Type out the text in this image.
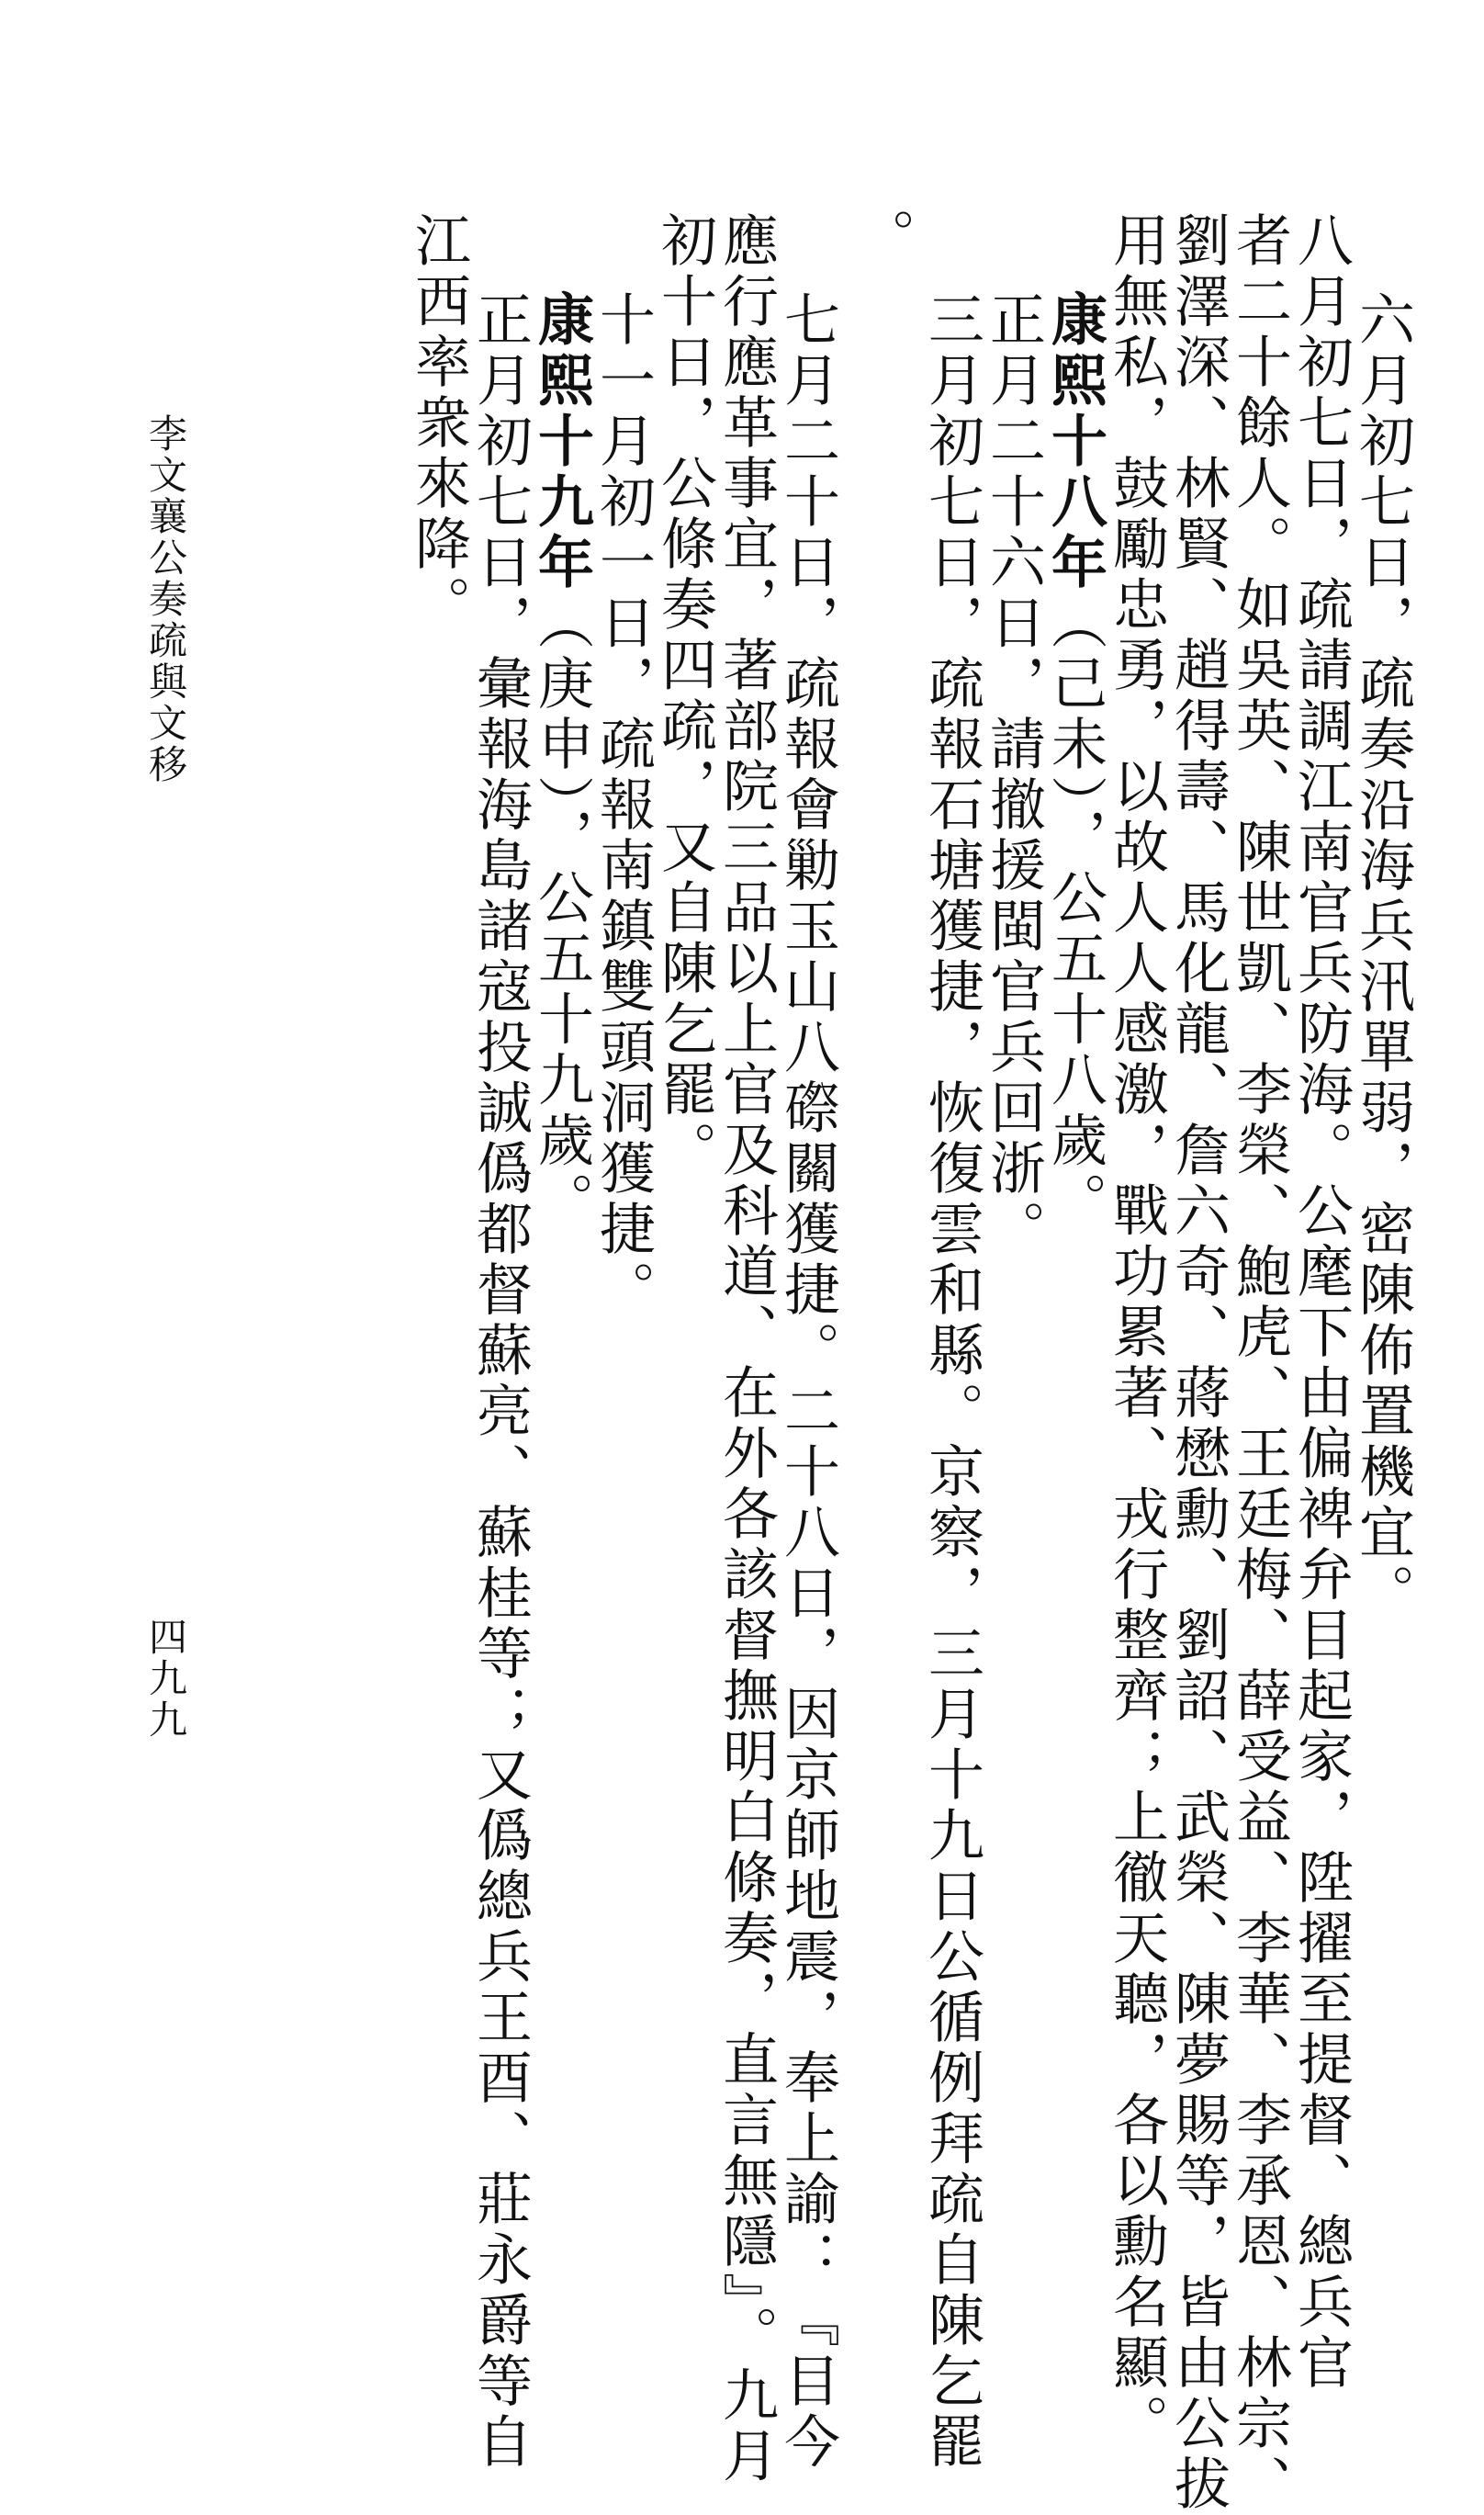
六月初七日，疏奏沿海兵汛單弱，密陳佈置機宜。
八月初七日，疏請調江南官兵防海。公麾下由偏裨弁目起家，陞擢至提督、總兵官
者二十餘人。如吳英、陳世凱、李榮、鮑虎、王廷梅、薛受益、李華、李承恩、林宗、
劉澤深、林賢、趙得壽、馬化龍、詹六奇、蔣懋勳、劉詔、武榮、陳夢賜等，皆由公拔
用無私，鼓勵忠勇，以故人人感激，戰功累著、戎行整齊；上徹天聽，各以勳名顯。
康熙十八年（己未），公五十八歲。
正月二十六日，請撤援閩官兵回浙。
三月初七日，疏報石塘獲捷，恢復雲和縣。京察，三月十九日公循例拜疏自陳乞罷
。
七月二十日，疏報會勦玉山八磜關獲捷。二十八日，因京師地震，奉上諭：『目今
應行應革事宜，著部院三品以上官及科道、在外各該督撫明白條奏，直言無隱』。九月
初十日，公條奏四疏，又自陳乞罷。
十一月初一日，疏報南鎮雙頭洞獲捷。
康熙十九年（庚申），公五十九歲。
正月初七日，彙報海島諸寇投誠僞都督蘇亮、蘇桂等；又僞總兵王酉、莊永爵等自
江西率衆來降。
李文襄公奏疏與文移
四九九
